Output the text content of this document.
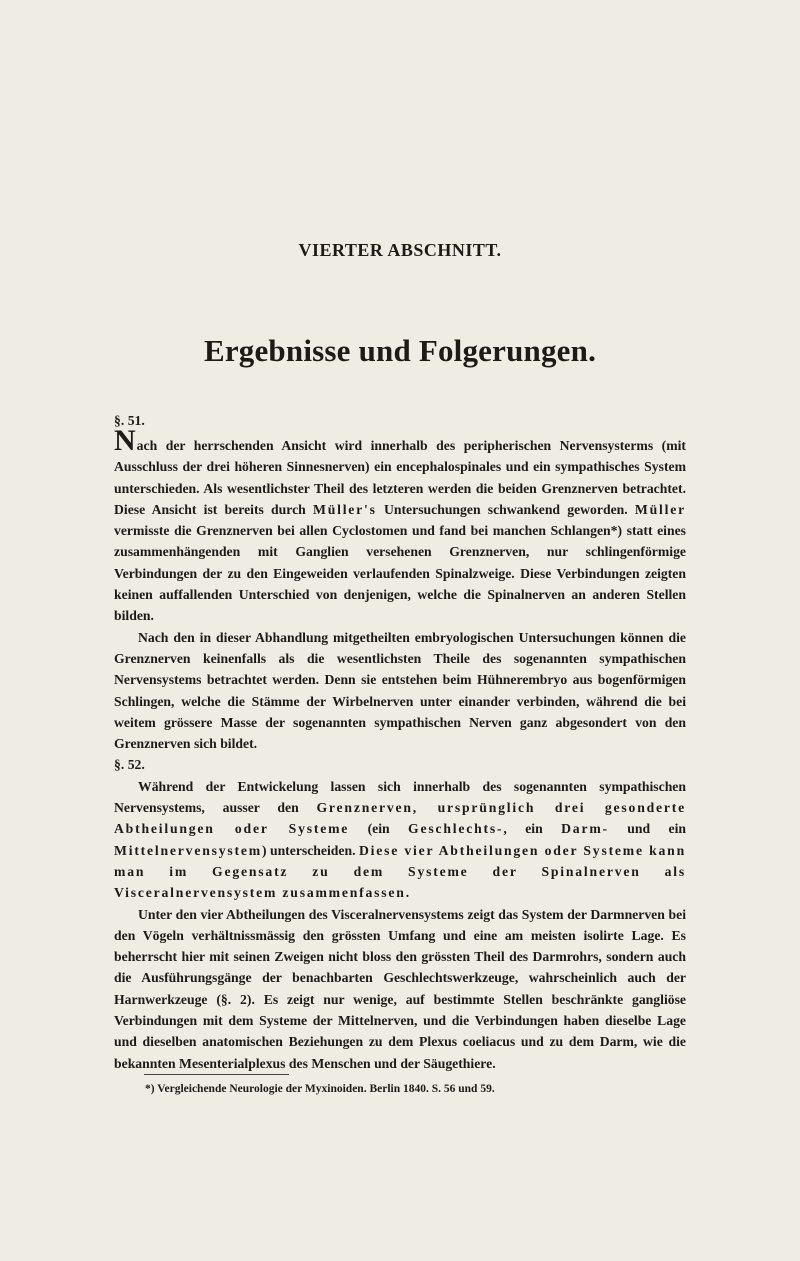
VIERTER ABSCHNITT.
Ergebnisse und Folgerungen.

§. 51.

Nach der herrschenden Ansicht wird innerhalb des peripherischen Nervensysterms (mit Ausschluss der drei höheren Sinnesnerven) ein encephalospinales und ein sympathisches System unterschieden. Als wesentlichster Theil des letzteren werden die beiden Grenznerven betrachtet. Diese Ansicht ist bereits durch Müller's Untersuchungen schwankend geworden. Müller vermisste die Grenznerven bei allen Cyclostomen und fand bei manchen Schlangen*) statt eines zusammenhängenden mit Ganglien versehenen Grenznerven, nur schlingenförmige Verbindungen der zu den Eingeweiden verlaufenden Spinalzweige. Diese Verbindungen zeigten keinen auffallenden Unterschied von denjenigen, welche die Spinalnerven an anderen Stellen bilden.

Nach den in dieser Abhandlung mitgetheilten embryologischen Untersuchungen können die Grenznerven keinenfalls als die wesentlichsten Theile des sogenannten sympathischen Nervensystems betrachtet werden. Denn sie entstehen beim Hühnerembryo aus bogenförmigen Schlingen, welche die Stämme der Wirbelnerven unter einander verbinden, während die bei weitem grössere Masse der sogenannten sympathischen Nerven ganz abgesondert von den Grenznerven sich bildet.

§. 52.

Während der Entwickelung lassen sich innerhalb des sogenannten sympathischen Nervensystems, ausser den Grenznerven, ursprünglich drei gesonderte Abtheilungen oder Systeme (ein Geschlechts-, ein Darm- und ein Mittelnervensystem) unterscheiden. Diese vier Abtheilungen oder Systeme kann man im Gegensatz zu dem Systeme der Spinalnerven als Visceralnervensystem zusammenfassen.

Unter den vier Abtheilungen des Visceralnervensystems zeigt das System der Darmnerven bei den Vögeln verhältnissmässig den grössten Umfang und eine am meisten isolirte Lage. Es beherrscht hier mit seinen Zweigen nicht bloss den grössten Theil des Darmrohrs, sondern auch die Ausführungsgänge der benachbarten Geschlechtswerkzeuge, wahrscheinlich auch der Harnwerkzeuge (§. 2). Es zeigt nur wenige, auf bestimmte Stellen beschränkte gangliöse Verbindungen mit dem Systeme der Mittelnerven, und die Verbindungen haben dieselbe Lage und dieselben anatomischen Beziehungen zu dem Plexus coeliacus und zu dem Darm, wie die bekannten Mesenterialplexus des Menschen und der Säugethiere.

*) Vergleichende Neurologie der Myxinoiden. Berlin 1840. S. 56 und 59.
